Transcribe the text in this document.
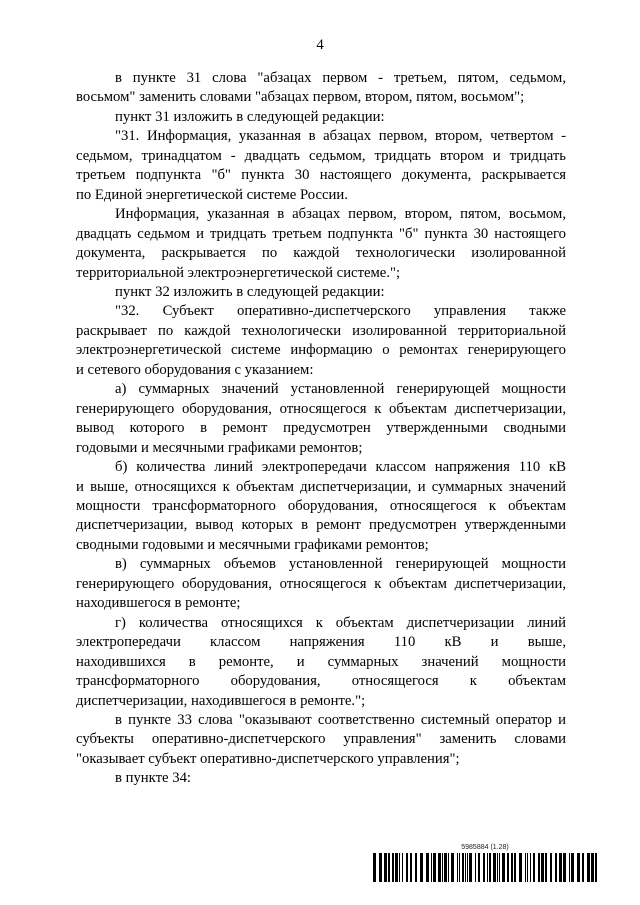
4
в пункте 31 слова "абзацах первом - третьем, пятом, седьмом,
восьмом" заменить словами "абзацах первом, втором, пятом, восьмом";
пункт 31 изложить в следующей редакции:
"31. Информация, указанная в абзацах первом, втором, четвертом -
седьмом, тринадцатом - двадцать седьмом, тридцать втором и тридцать
третьем подпункта "б" пункта 30 настоящего документа, раскрывается
по Единой энергетической системе России.
Информация, указанная в абзацах первом, втором, пятом, восьмом,
двадцать седьмом и тридцать третьем подпункта "б" пункта 30 настоящего
документа, раскрывается по каждой технологически изолированной
территориальной электроэнергетической системе.";
пункт 32 изложить в следующей редакции:
"32. Субъект оперативно-диспетчерского управления также
раскрывает по каждой технологически изолированной территориальной
электроэнергетической системе информацию о ремонтах генерирующего
и сетевого оборудования с указанием:
а) суммарных значений установленной генерирующей мощности
генерирующего оборудования, относящегося к объектам диспетчеризации,
вывод которого в ремонт предусмотрен утвержденными сводными
годовыми и месячными графиками ремонтов;
б) количества линий электропередачи классом напряжения 110 кВ
и выше, относящихся к объектам диспетчеризации, и суммарных значений
мощности трансформаторного оборудования, относящегося к объектам
диспетчеризации, вывод которых в ремонт предусмотрен утвержденными
сводными годовыми и месячными графиками ремонтов;
в) суммарных объемов установленной генерирующей мощности
генерирующего оборудования, относящегося к объектам диспетчеризации,
находившегося в ремонте;
г) количества относящихся к объектам диспетчеризации линий
электропередачи классом напряжения 110 кВ и выше,
находившихся в ремонте, и суммарных значений мощности
трансформаторного оборудования, относящегося к объектам
диспетчеризации, находившегося в ремонте.";
в пункте 33 слова "оказывают соответственно системный оператор и
субъекты оперативно-диспетчерского управления" заменить словами
"оказывает субъект оперативно-диспетчерского управления";
в пункте 34:
5985884 (1.28)
